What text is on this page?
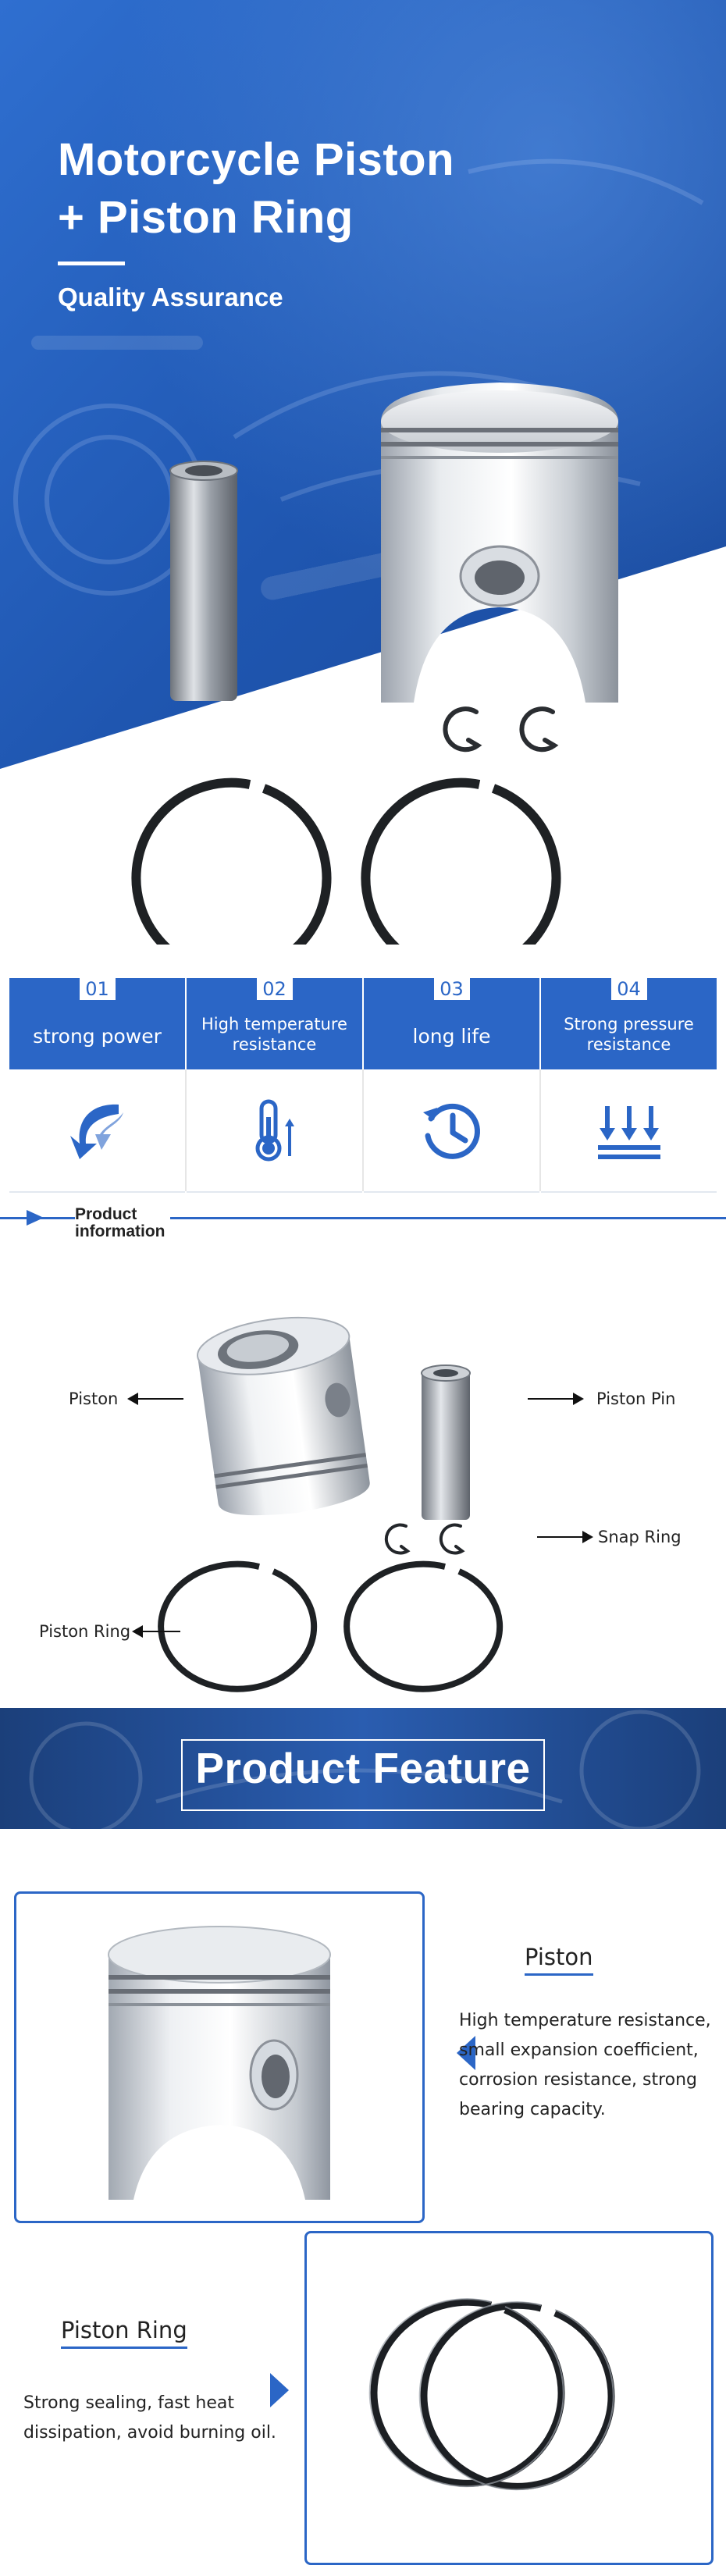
Motorcycle Piston
+ Piston Ring
Quality Assurance
01
strong power
02
High temperature resistance
03
long life
04
Strong pressure resistance
Product
information
Piston	Piston Pin
Snap Ring
Piston Ring
Product Feature
Piston
High temperature resistance,
small expansion coefficient,
corrosion resistance, strong
bearing capacity.
Piston Ring
Strong sealing, fast heat
dissipation, avoid burning oil.
